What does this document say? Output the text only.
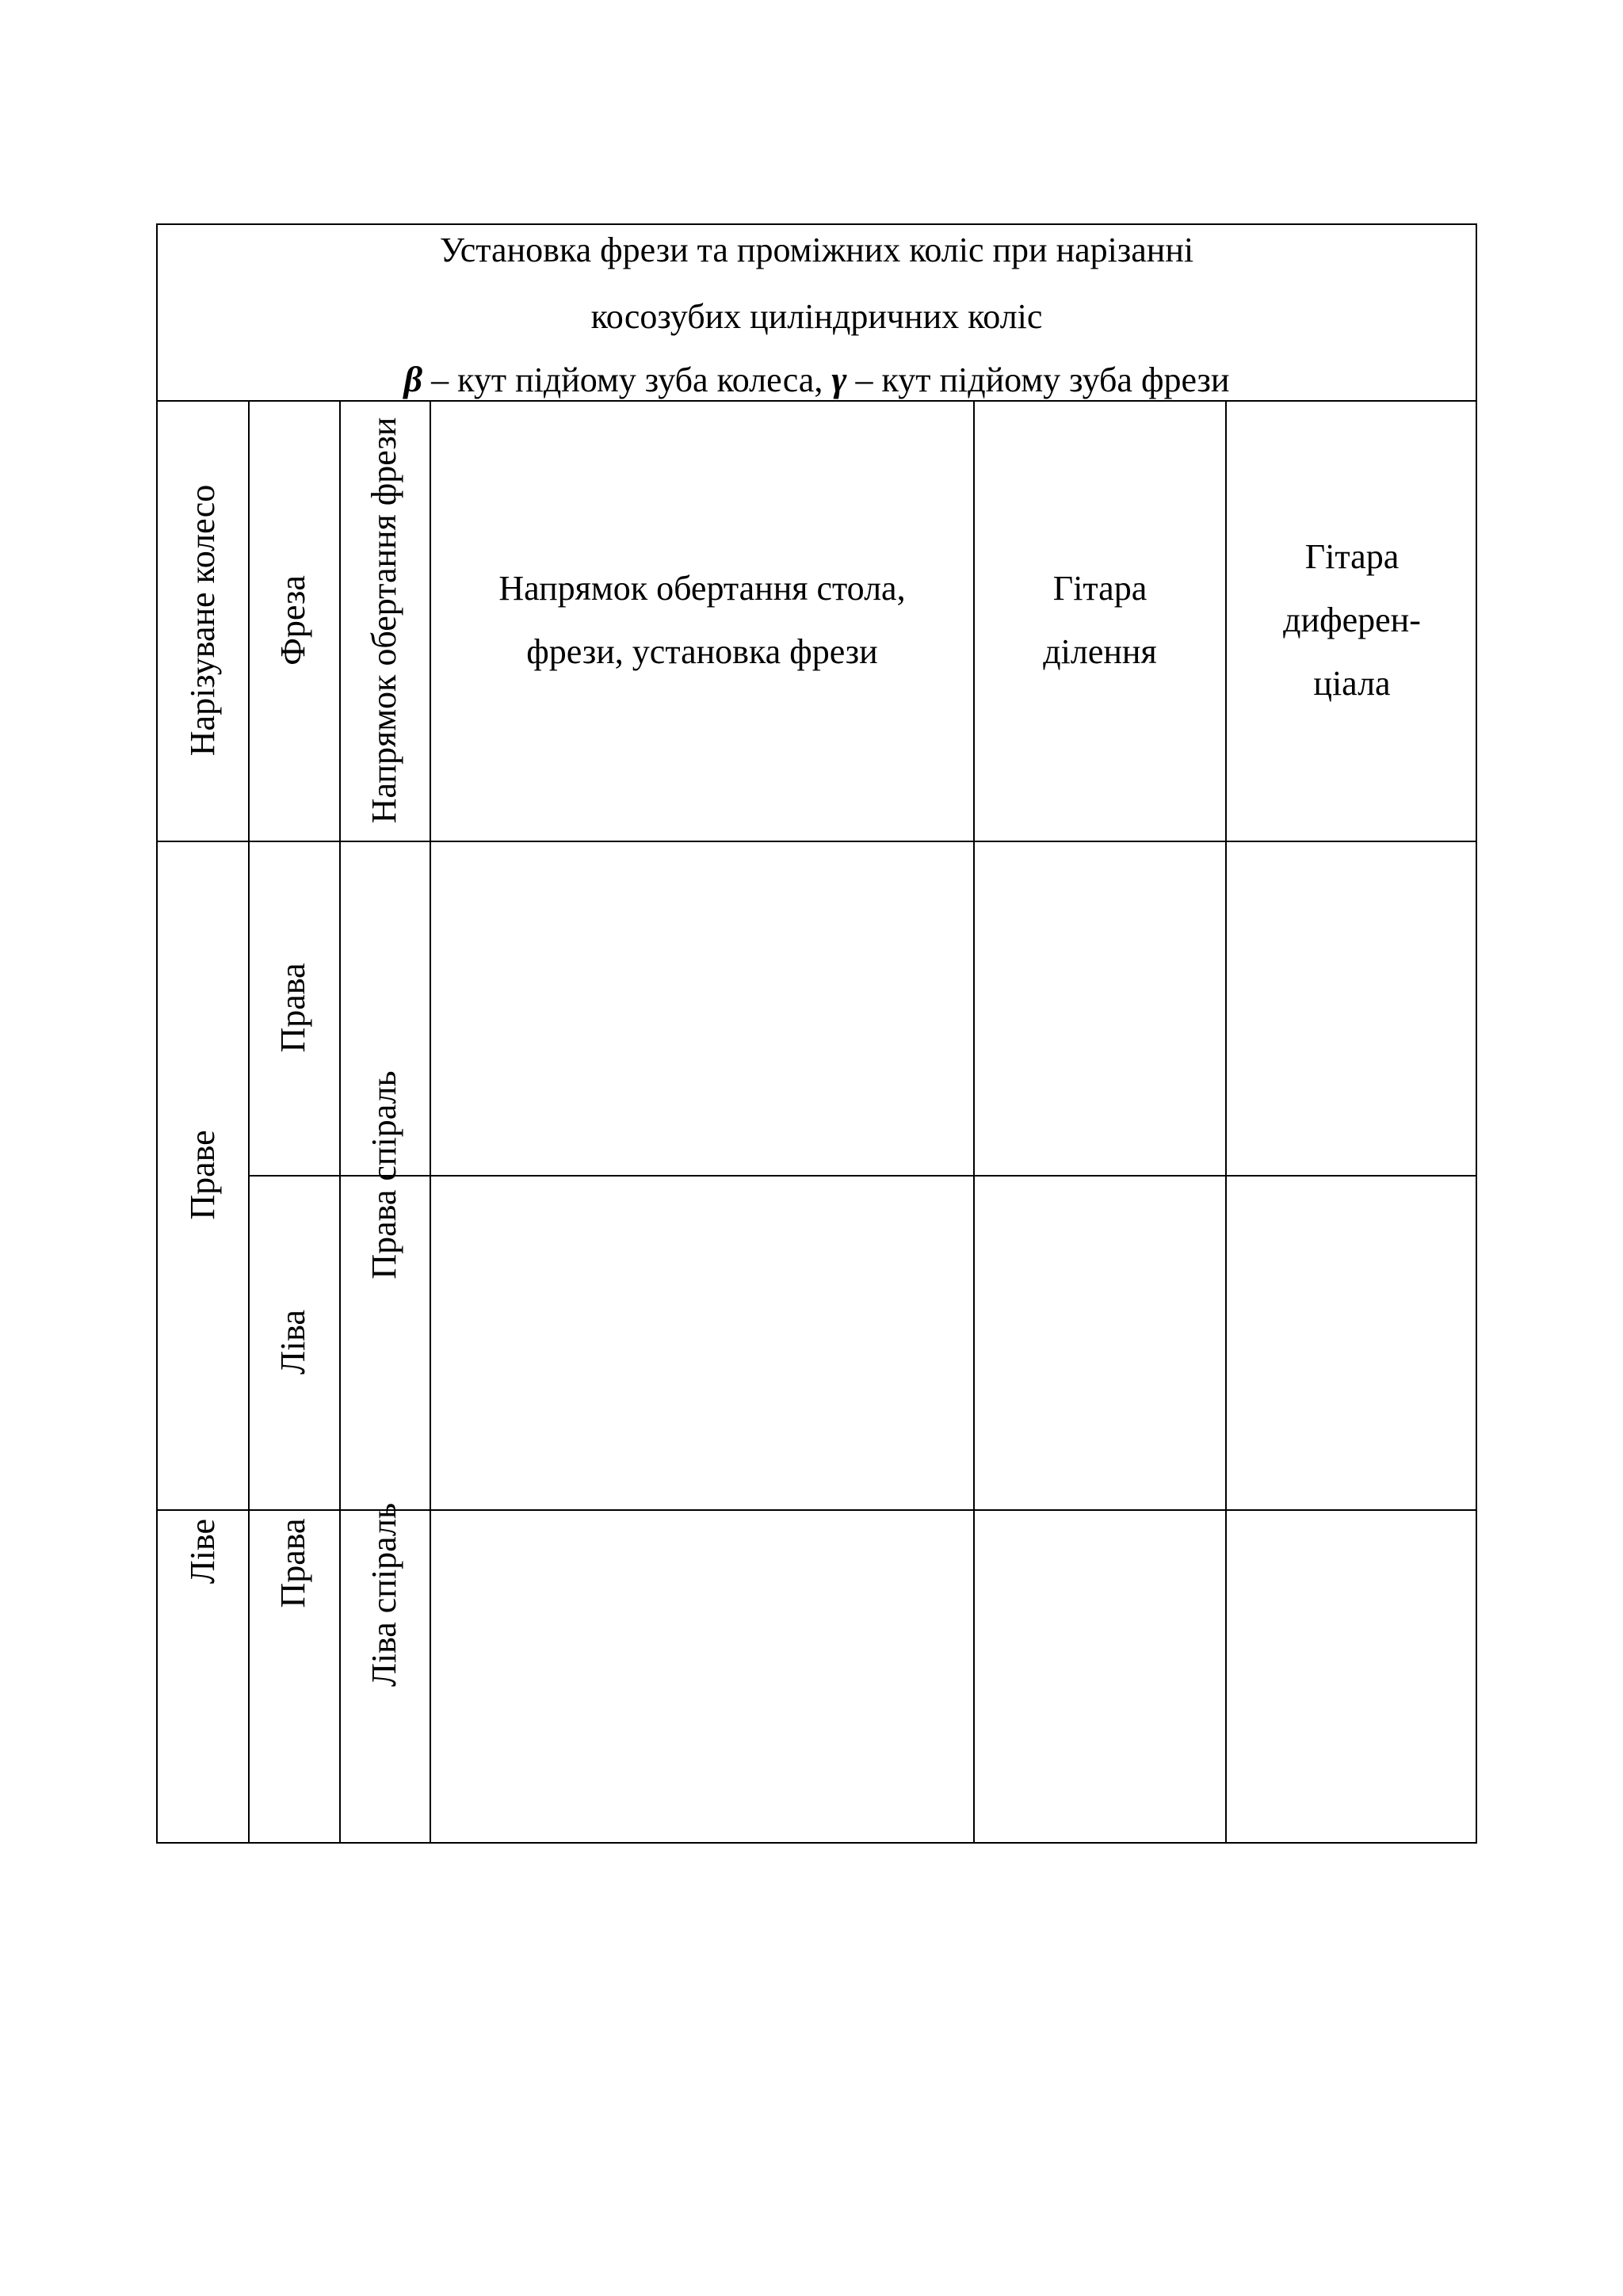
Установка фрези та проміжних коліс при нарізанні
косозубих циліндричних коліс
β – кут підйому зуба колеса, γ – кут підйому зуба фрези
Нарізуване колесо Фреза Напрямок обертання фрези	Напрямок обертання стола,
фрези, установка фрези
Гітара
ділення
Гітара
диферен-
ціала
Праве
Права
Ліва
Права спіраль
Ліве Права Ліва спіраль
